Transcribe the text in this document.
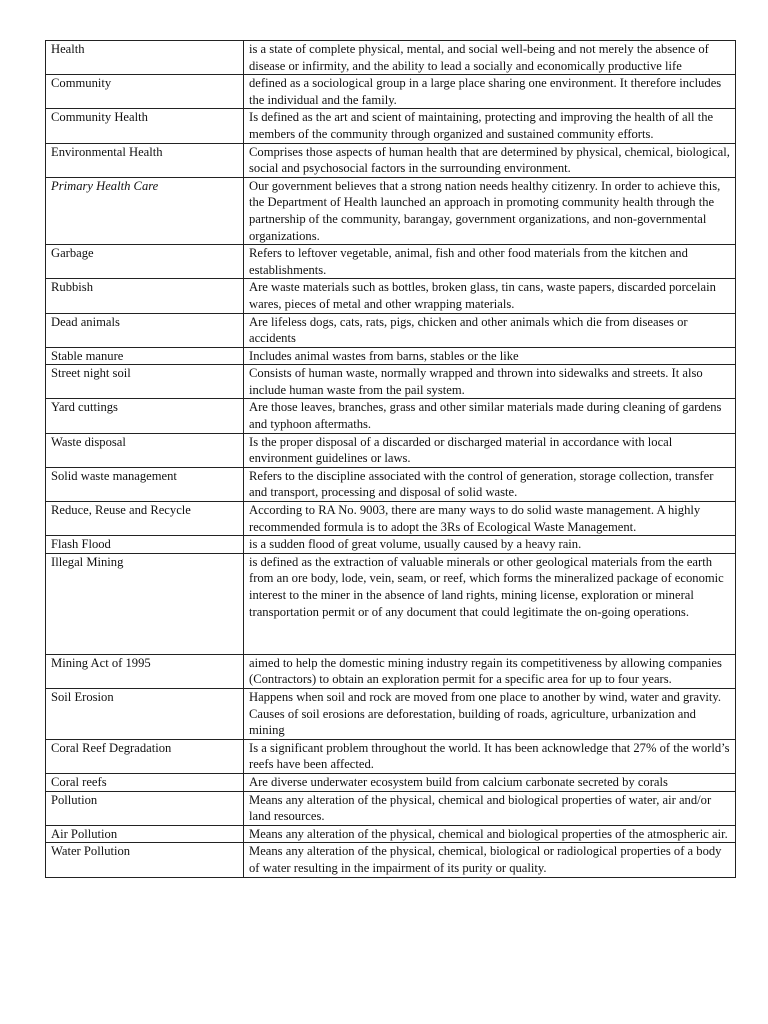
Health	is a state of complete physical, mental, and social well-being and not merely the absence of disease or infirmity, and the ability to lead a socially and economically productive life
Community	defined as a sociological group in a large place sharing one environment. It therefore includes the individual and the family.
Community Health	Is defined as the art and scient of maintaining, protecting and improving the health of all the members of the community through organized and sustained community efforts.
Environmental Health	Comprises those aspects of human health that are determined by physical, chemical, biological, social and psychosocial factors in the surrounding environment.
Primary Health Care	Our government believes that a strong nation needs healthy citizenry. In order to achieve this, the Department of Health launched an approach in promoting community health through the partnership of the community, barangay, government organizations, and non-governmental organizations.
Garbage	Refers to leftover vegetable, animal, fish and other food materials from the kitchen and establishments.
Rubbish	Are waste materials such as bottles, broken glass, tin cans, waste papers, discarded porcelain wares, pieces of metal and other wrapping materials.
Dead animals	Are lifeless dogs, cats, rats, pigs, chicken and other animals which die from diseases or accidents
Stable manure	Includes animal wastes from barns, stables or the like
Street night soil	Consists of human waste, normally wrapped and thrown into sidewalks and streets. It also include human waste from the pail system.
Yard cuttings	Are those leaves, branches, grass and other similar materials made during cleaning of gardens and typhoon aftermaths.
Waste disposal	Is the proper disposal of a discarded or discharged material in accordance with local environment guidelines or laws.
Solid waste management	Refers to the discipline associated with the control of generation, storage collection, transfer and transport, processing and disposal of solid waste.
Reduce, Reuse and Recycle	According to RA No. 9003, there are many ways to do solid waste management. A highly recommended formula is to adopt the 3Rs of Ecological Waste Management.
Flash Flood	is a sudden flood of great volume, usually caused by a heavy rain.
Illegal Mining	is defined as the extraction of valuable minerals or other geological materials from the earth from an ore body, lode, vein, seam, or reef, which forms the mineralized package of economic interest to the miner in the absence of land rights, mining license, exploration or mineral transportation permit or of any document that could legitimate the on-going operations.
Mining Act of 1995	aimed to help the domestic mining industry regain its competitiveness by allowing companies (Contractors) to obtain an exploration permit for a specific area for up to four years.
Soil Erosion	Happens when soil and rock are moved from one place to another by wind, water and gravity. Causes of soil erosions are deforestation, building of roads, agriculture, urbanization and mining
Coral Reef Degradation	Is a significant problem throughout the world. It has been acknowledge that 27% of the world’s reefs have been affected.
Coral reefs	Are diverse underwater ecosystem build from calcium carbonate secreted by corals
Pollution	Means any alteration of the physical, chemical and biological properties of water, air and/or land resources.
Air Pollution	Means any alteration of the physical, chemical and biological properties of the atmospheric air.
Water Pollution	Means any alteration of the physical, chemical, biological or radiological properties of a body of water resulting in the impairment of its purity or quality.
